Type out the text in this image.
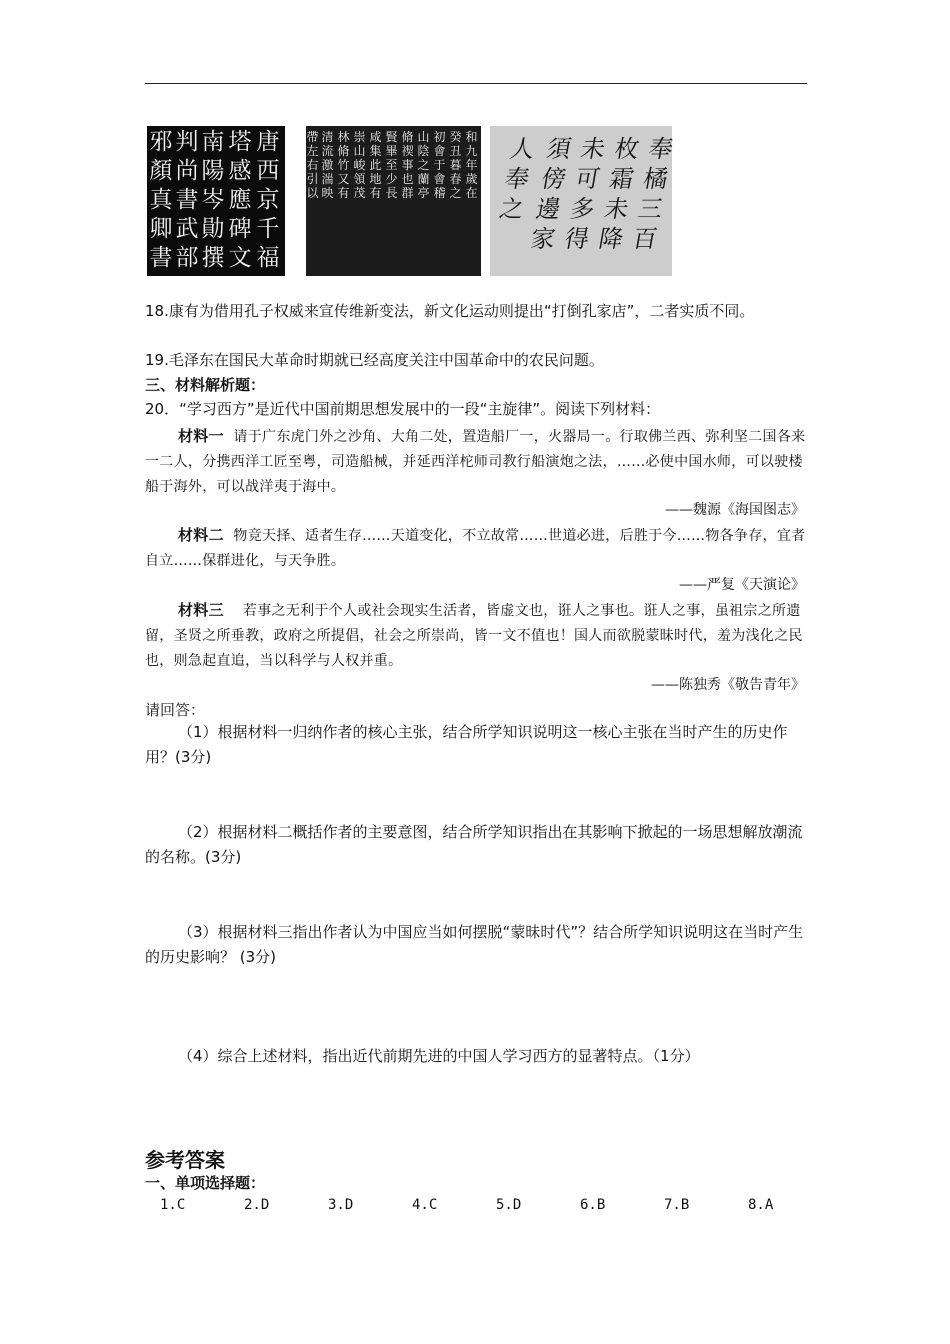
唐西京千福
塔感應碑文
南陽岑勛撰
判尚書武部
邪顏真卿書
和九年歲在
癸丑暮春之
初會于會稽
山陰之蘭亭
脩禊事也群
賢畢至少長
咸集此地有
崇山峻領茂
林脩竹又有
清流激湍映
帶左右引以
奉橘三百
枚霜未降
未可多得
須傍邊家
人奉之
18.康有为借用孔子权威来宣传维新变法，新文化运动则提出“打倒孔家店”，二者实质不同。
19.毛泽东在国民大革命时期就已经高度关注中国革命中的农民问题。
三、材料解析题：
20．“学习西方”是近代中国前期思想发展中的一段“主旋律”。阅读下列材料：
材料一 请于广东虎门外之沙角、大角二处，置造船厂一，火器局一。行取佛兰西、弥利坚二国各来一二人，分携西洋工匠至粤，司造船械，并延西洋柁师司教行船演炮之法，……必使中国水师，可以驶楼船于海外，可以战洋夷于海中。
——魏源《海国图志》
材料二 物竞天择、适者生存……天道变化，不立故常……世道必进，后胜于今……物各争存，宜者自立……保群进化，与天争胜。
——严复《天演论》
材料三 若事之无利于个人或社会现实生活者，皆虚文也，诳人之事也。诳人之事，虽祖宗之所遗留，圣贤之所垂教，政府之所提倡，社会之所崇尚，皆一文不值也！国人而欲脱蒙昧时代，羞为浅化之民也，则急起直追，当以科学与人权并重。
——陈独秀《敬告青年》
请回答：
（1）根据材料一归纳作者的核心主张，结合所学知识说明这一核心主张在当时产生的历史作用？(3分)
（2）根据材料二概括作者的主要意图，结合所学知识指出在其影响下掀起的一场思想解放潮流的名称。(3分)
（3）根据材料三指出作者认为中国应当如何摆脱“蒙昧时代”？结合所学知识说明这在当时产生的历史影响？ (3分)
（4）综合上述材料，指出近代前期先进的中国人学习西方的显著特点。（1分）
参考答案
一、单项选择题：
1.C	2.D	3.D	4.C	5.D	6.B	7.B	8.A
